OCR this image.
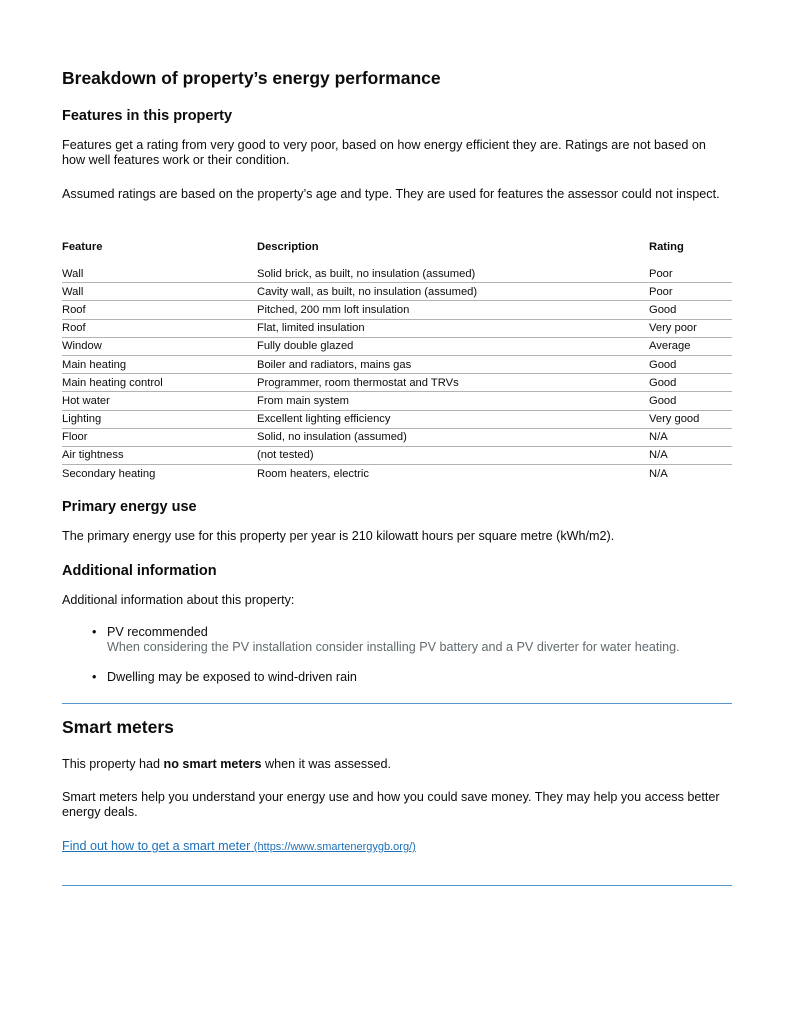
Breakdown of property’s energy performance
Features in this property

Features get a rating from very good to very poor, based on how energy efficient they are. Ratings are not based on how well features work or their condition.

Assumed ratings are based on the property’s age and type. They are used for features the assessor could not inspect.

Feature	Description	Rating
Wall	Solid brick, as built, no insulation (assumed)	Poor
Wall	Cavity wall, as built, no insulation (assumed)	Poor
Roof	Pitched, 200 mm loft insulation	Good
Roof	Flat, limited insulation	Very poor
Window	Fully double glazed	Average
Main heating	Boiler and radiators, mains gas	Good
Main heating control	Programmer, room thermostat and TRVs	Good
Hot water	From main system	Good
Lighting	Excellent lighting efficiency	Very good
Floor	Solid, no insulation (assumed)	N/A
Air tightness	(not tested)	N/A
Secondary heating	Room heaters, electric	N/A
Primary energy use

The primary energy use for this property per year is 210 kilowatt hours per square metre (kWh/m2).

Additional information

Additional information about this property:

• PV recommended
When considering the PV installation consider installing PV battery and a PV diverter for water heating.
• Dwelling may be exposed to wind-driven rain
Smart meters

This property had no smart meters when it was assessed.

Smart meters help you understand your energy use and how you could save money. They may help you access better energy deals.

Find out how to get a smart meter (https://www.smartenergygb.org/)
